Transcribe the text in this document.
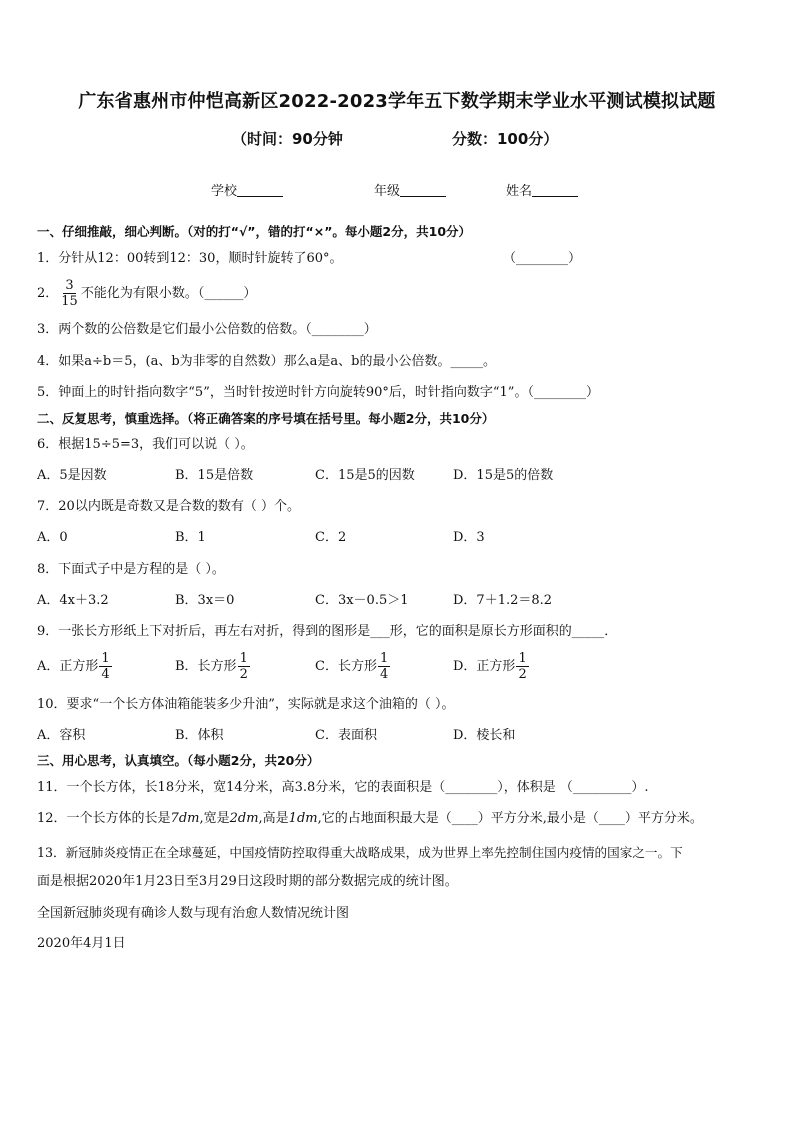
广东省惠州市仲恺高新区2022-2023学年五下数学期末学业水平测试模拟试题
（时间：90分钟	分数：100分）
学校	年级	姓名
一、仔细推敲，细心判断。（对的打“√”，错的打“×”。每小题2分，共10分）
1．分针从12：00转到12：30，顺时针旋转了60°。	（________）
2． $\frac{3}{15}$ 不能化为有限小数。（______）
3．两个数的公倍数是它们最小公倍数的倍数。（________）
4．如果a÷b＝5，(a、b为非零的自然数）那么a是a、b的最小公倍数。_____。
5．钟面上的时针指向数字“5”，当时针按逆时针方向旋转90°后，时针指向数字“1”。（________）
二、反复思考，慎重选择。（将正确答案的序号填在括号里。每小题2分，共10分）
6．根据15÷5=3，我们可以说（ ）。
A．5是因数	B．15是倍数	C．15是5的因数	D．15是5的倍数
7．20以内既是奇数又是合数的数有（ ）个。
A．0	B．1	C．2	D．3
8．下面式子中是方程的是（ ）。
A．4x＋3.2	B．3x＝0	C．3x－0.5＞1	D．7＋1.2＝8.2
9．一张长方形纸上下对折后，再左右对折，得到的图形是___形，它的面积是原长方形面积的_____．
A．正方形 $\frac{1}{4}$	B．长方形 $\frac{1}{2}$	C．长方形 $\frac{1}{4}$	D．正方形 $\frac{1}{2}$
10．要求“一个长方体油箱能装多少升油”，实际就是求这个油箱的（ ）。
A．容积	B．体积	C．表面积	D．棱长和
三、用心思考，认真填空。（每小题2分，共20分）
11．一个长方体，长18分米，宽14分米，高3.8分米，它的表面积是（________），体积是 （_________）.
12．一个长方体的长是7dm,宽是2dm,高是1dm,它的占地面积最大是（____）平方分米,最小是（____）平方分米。
13．新冠肺炎疫情正在全球蔓延，中国疫情防控取得重大战略成果，成为世界上率先控制住国内疫情的国家之一。下
面是根据2020年1月23日至3月29日这段时期的部分数据完成的统计图。
全国新冠肺炎现有确诊人数与现有治愈人数情况统计图
2020年4月1日
